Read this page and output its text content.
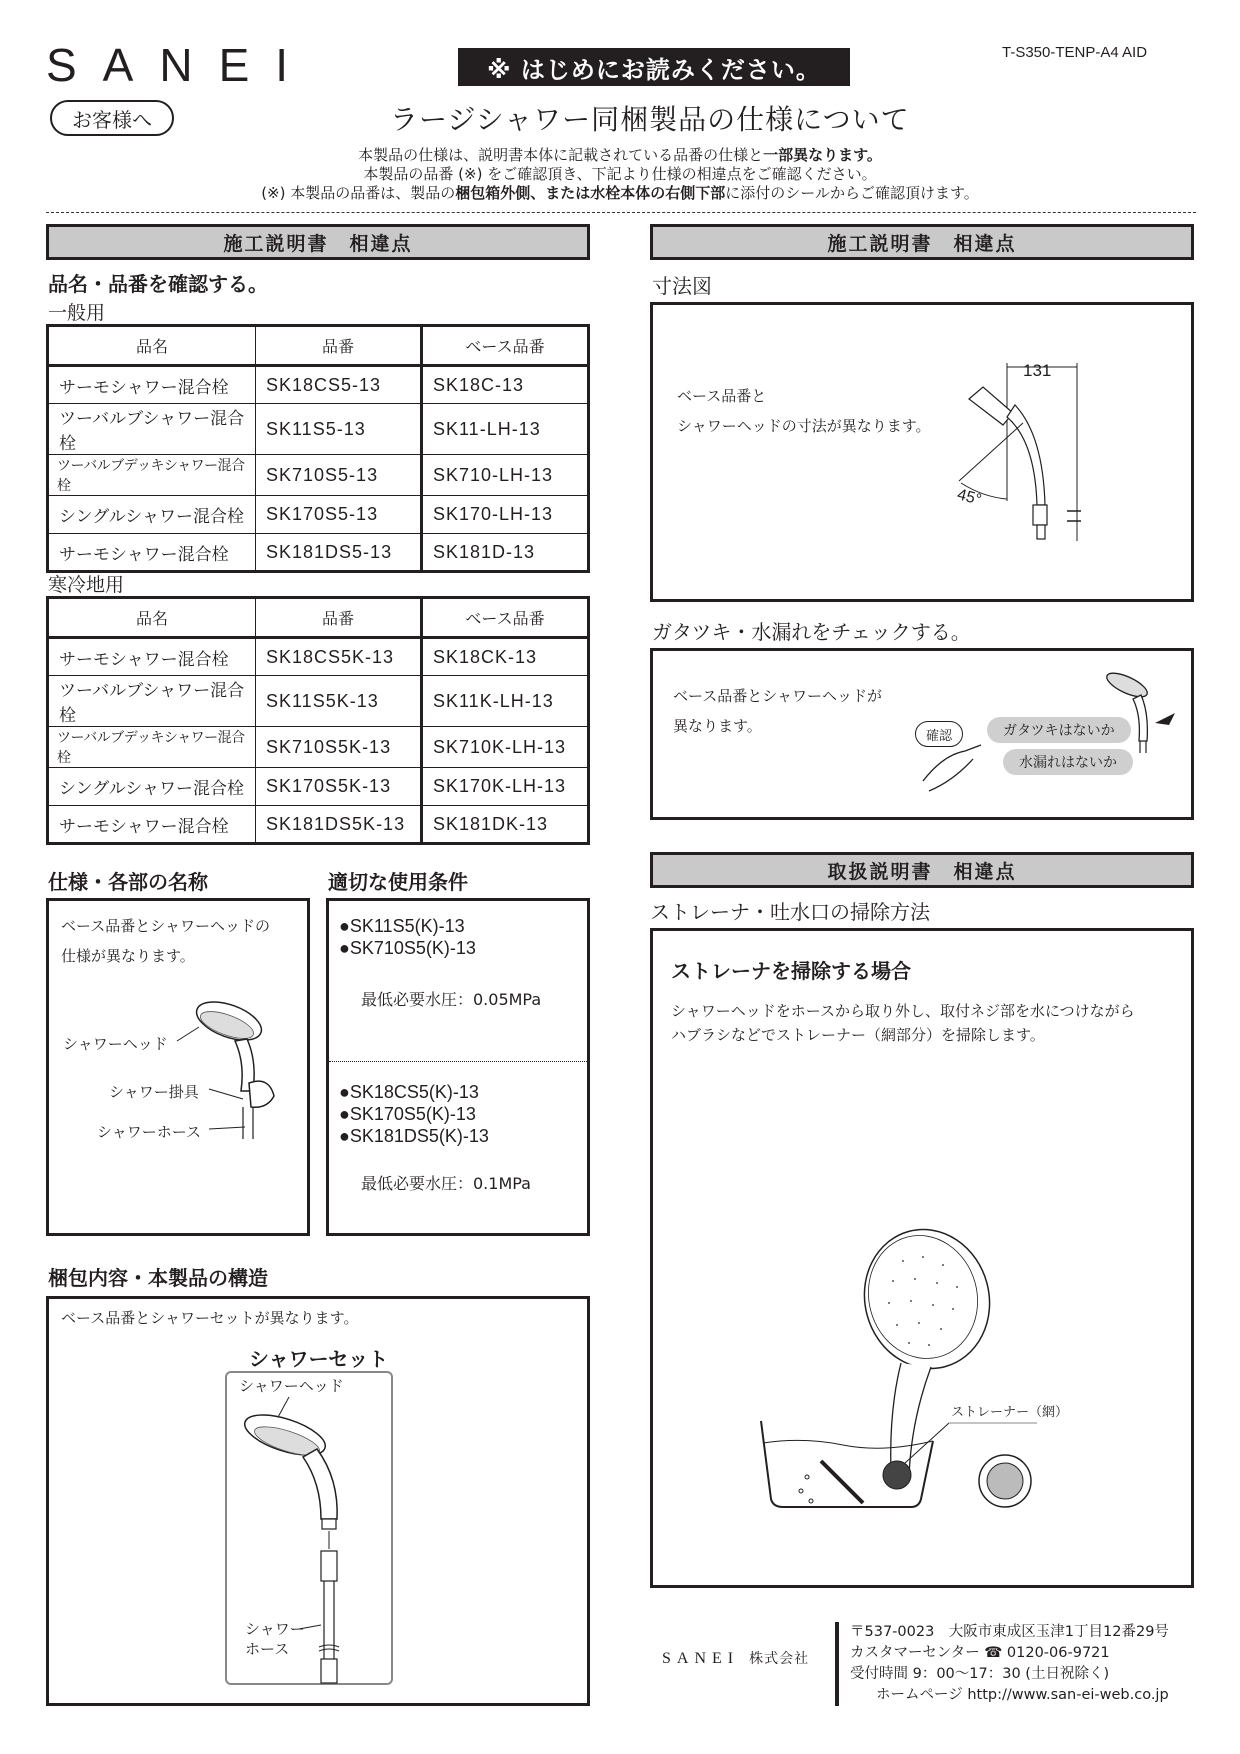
SANEI	T-S350-TENP-A4 AID
※ はじめにお読みください。
お客様へ	ラージシャワー同梱製品の仕様について
本製品の仕様は、説明書本体に記載されている品番の仕様と一部異なります。
本製品の品番 (※) をご確認頂き、下記より仕様の相違点をご確認ください。
(※) 本製品の品番は、製品の梱包箱外側、または水栓本体の右側下部に添付のシールからご確認頂けます。
施工説明書　相違点
品名・品番を確認する。
一般用
品名	品番	ベース品番
サーモシャワー混合栓	SK18CS5-13	SK18C-13
ツーバルブシャワー混合栓	SK11S5-13	SK11-LH-13
ツーバルブデッキシャワー混合栓	SK710S5-13	SK710-LH-13
シングルシャワー混合栓	SK170S5-13	SK170-LH-13
サーモシャワー混合栓	SK181DS5-13	SK181D-13
寒冷地用
品名	品番	ベース品番
サーモシャワー混合栓	SK18CS5K-13	SK18CK-13
ツーバルブシャワー混合栓	SK11S5K-13	SK11K-LH-13
ツーバルブデッキシャワー混合栓	SK710S5K-13	SK710K-LH-13
シングルシャワー混合栓	SK170S5K-13	SK170K-LH-13
サーモシャワー混合栓	SK181DS5K-13	SK181DK-13
仕様・各部の名称
ベース品番とシャワーヘッドの
仕様が異なります。
シャワーヘッド
シャワー掛具
シャワーホース
適切な使用条件
●SK11S5(K)-13
●SK710S5(K)-13
最低必要水圧：0.05MPa
●SK18CS5(K)-13
●SK170S5(K)-13
●SK181DS5(K)-13
最低必要水圧：0.1MPa
梱包内容・本製品の構造
ベース品番とシャワーセットが異なります。
シャワーセット
シャワーヘッド
シャワー
ホース
施工説明書　相違点
寸法図
ベース品番と
シャワーヘッドの寸法が異なります。
131
45°
ガタツキ・水漏れをチェックする。
ベース品番とシャワーヘッドが
異なります。
確認	ガタツキはないか
水漏れはないか
取扱説明書　相違点
ストレーナ・吐水口の掃除方法
ストレーナを掃除する場合
シャワーヘッドをホースから取り外し、取付ネジ部を水につけながら
ハブラシなどでストレーナー（網部分）を掃除します。
ストレーナー（網）
SANEI 株式会社
〒537-0023　大阪市東成区玉津1丁目12番29号
カスタマーセンター ☎ 0120-06-9721
受付時間 9：00〜17：30 (土日祝除く)
ホームページ http://www.san-ei-web.co.jp
